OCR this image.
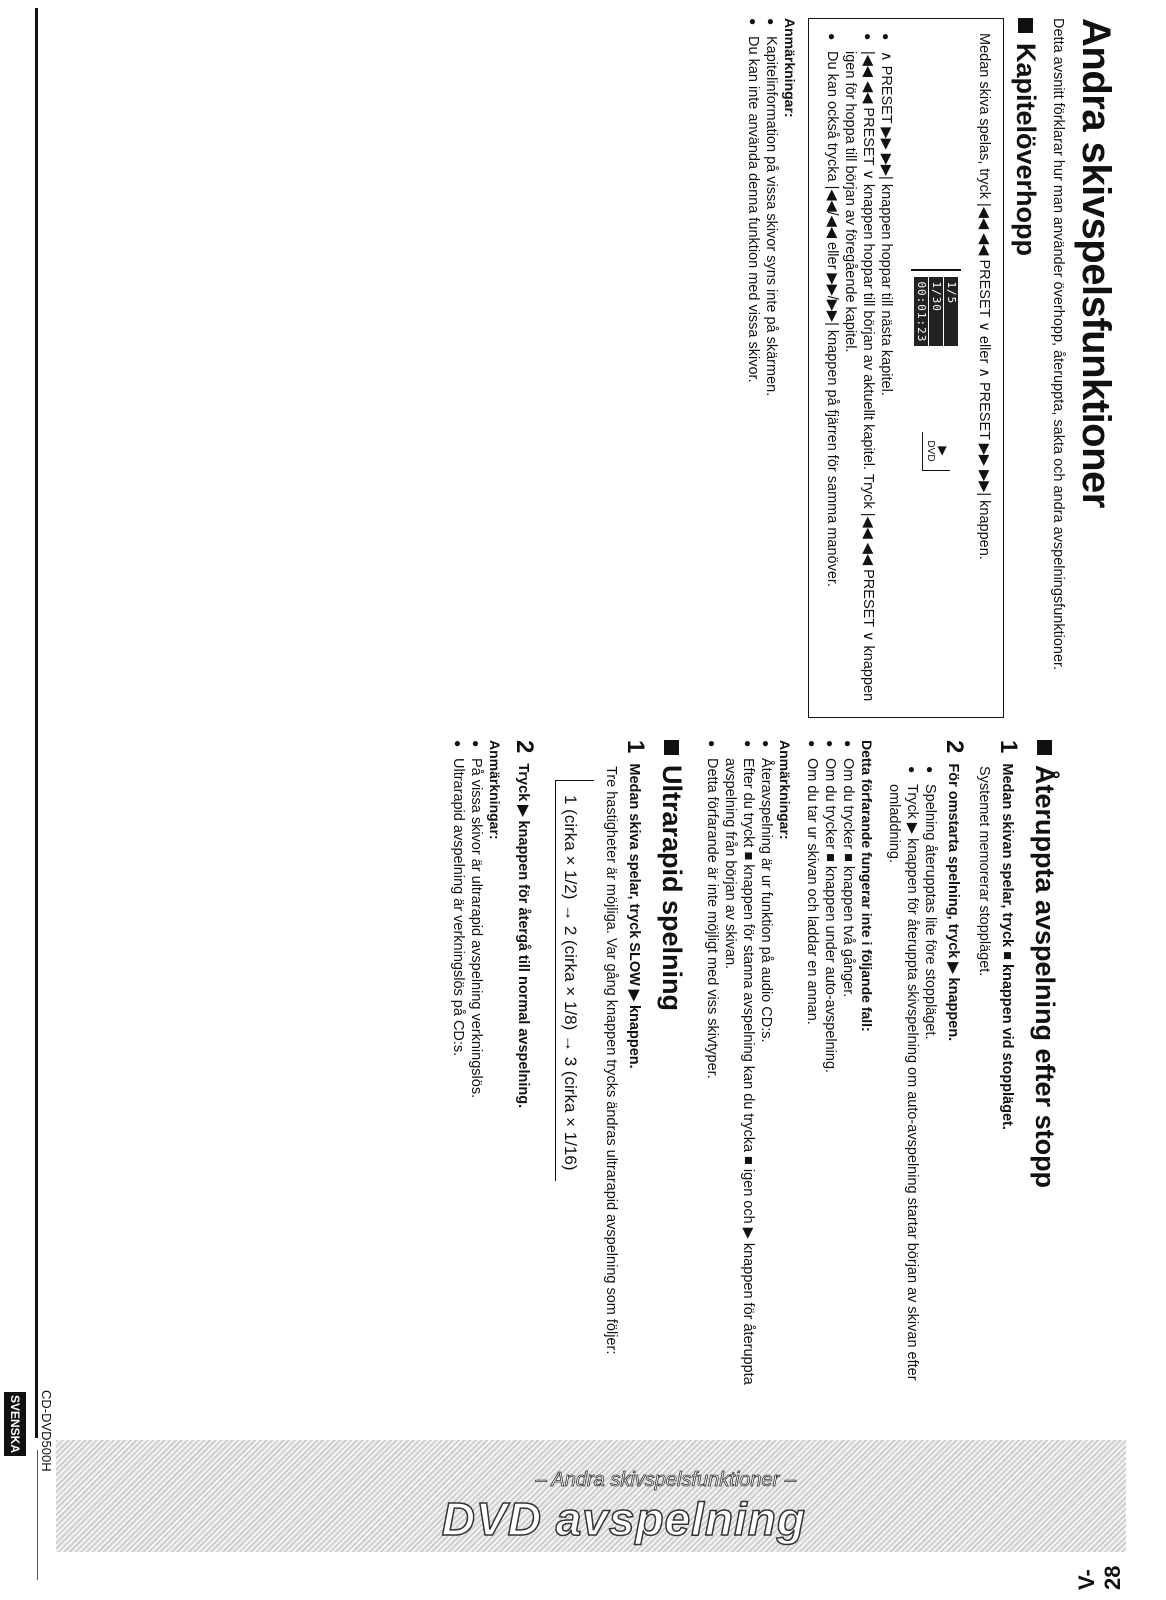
Andra skivspelsfunktioner

Detta avsnitt förklarar hur man använder överhopp, återuppta, sakta och andra avspelningsfunktioner.

Kapitelöverhopp

Medan skiva spelas, tryck |◀◀ ◀◀ PRESET ∨ eller ∧ PRESET ▶▶ ▶▶| knappen.

1/5
1/30
00:01:23
▶
DVD
● ∧ PRESET ▶▶ ▶▶| knappen hoppar till nästa kapitel.
● |◀◀ ◀◀ PRESET ∨ knappen hoppar till början av aktuellt kapitel. Tryck |◀◀ ◀◀ PRESET ∨ knappen igen för hoppa till början av föregående kapitel.
● Du kan också trycka |◀◀/◀◀ eller ▶▶/▶▶| knappen på fjärren för samma manöver.
Anmärkningar:
● Kapitelinformation på vissa skivor syns inte på skärmen.
● Du kan inte använda denna funktion med vissa skivor.
Återuppta avspelning efter stopp
1
Medan skivan spelar, tryck ■ knappen vid stoppläget.

Systemet memorerar stoppläget.

2
För omstarta spelning, tryck ▶ knappen.
● Spelning återupptas lite före stoppläget.
● Tryck ▶ knappen för återuppta skivspelning om auto-avspelning startar början av skivan efter omladdning.
Detta förfarande fungerar inte i följande fall:
● Om du trycker ■ knappen två gånger.
● Om du trycker ■ knappen under auto-avspelning.
● Om du tar ur skivan och laddar en annan.
Anmärkningar:
● Återavspelning är ur funktion på audio CD:s.
● Efter du tryckt ■ knappen för stanna avspelning kan du trycka ■ igen och ▶ knappen för återuppta avspelning från början av skivan.
● Detta förfarande är inte möjligt med viss skivtyper.
Ultrarapid spelning
1
Medan skiva spelar, tryck SLOW ▶ knappen.

Tre hastigheter är möjliga. Var gång knappen trycks ändras ultrarapid avspelning som följer:

1 (cirka × 1/2) → 2 (cirka × 1/8) → 3 (cirka × 1/16)
2
Tryck ▶ knappen för återgå till normal avspelning.
Anmärkningar:
● På vissa skivor är ultrarapid avspelning verkningslös.
● Ultrarapid avspelning är verkningslös på CD:s.
CD-DVD500H
SVENSKA
DVD avspelning
– Andra skivspelsfunktioner –
V-28
